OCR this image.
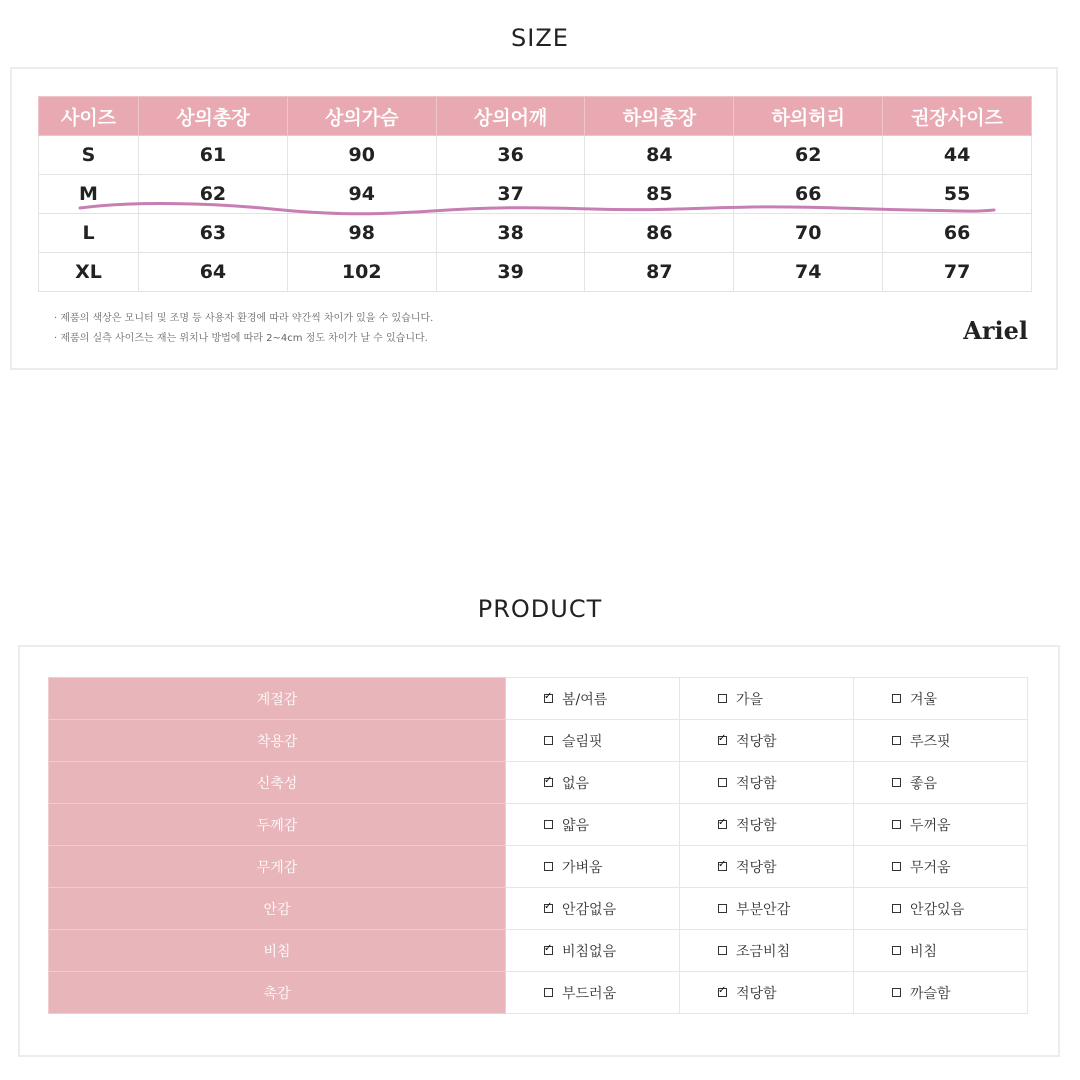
SIZE
사이즈	상의총장	상의가슴	상의어깨	하의총장	하의허리	권장사이즈
S	61	90	36	84	62	44
M	62	94	37	85	66	55
L	63	98	38	86	70	66
XL	64	102	39	87	74	77
· 제품의 색상은 모니터 및 조명 등 사용자 환경에 따라 약간씩 차이가 있을 수 있습니다.
· 제품의 실측 사이즈는 재는 위치나 방법에 따라 2~4cm 정도 차이가 날 수 있습니다.	Ariel
PRODUCT
계절감	✓봄/여름	가을	겨울
착용감	슬림핏	✓적당함	루즈핏
신축성	✓없음	적당함	좋음
두께감	얇음	✓적당함	두꺼움
무게감	가벼움	✓적당함	무거움
안감	✓안감없음	부분안감	안감있음
비침	✓비침없음	조금비침	비침
촉감	부드러움	✓적당함	까슬함
